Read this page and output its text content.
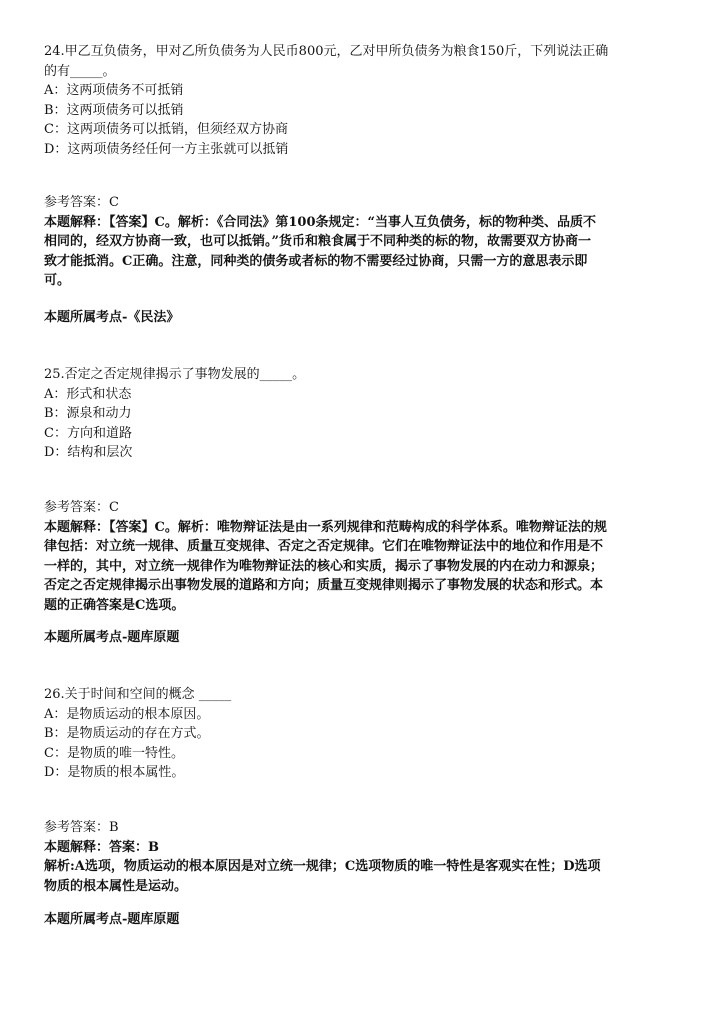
24.甲乙互负债务，甲对乙所负债务为人民币800元，乙对甲所负债务为粮食150斤，下列说法正确
的有_____。
A：这两项债务不可抵销
B：这两项债务可以抵销
C：这两项债务可以抵销，但须经双方协商
D：这两项债务经任何一方主张就可以抵销
参考答案：C
本题解释：【答案】C。解析：《合同法》第100条规定：“当事人互负债务，标的物种类、品质不
相同的，经双方协商一致，也可以抵销。”货币和粮食属于不同种类的标的物，故需要双方协商一
致才能抵消。C正确。注意，同种类的债务或者标的物不需要经过协商，只需一方的意思表示即
可。
本题所属考点-《民法》
25.否定之否定规律揭示了事物发展的_____。
A：形式和状态
B：源泉和动力
C：方向和道路
D：结构和层次
参考答案：C
本题解释：【答案】C。解析：唯物辩证法是由一系列规律和范畴构成的科学体系。唯物辩证法的规
律包括：对立统一规律、质量互变规律、否定之否定规律。它们在唯物辩证法中的地位和作用是不
一样的，其中，对立统一规律作为唯物辩证法的核心和实质，揭示了事物发展的内在动力和源泉；
否定之否定规律揭示出事物发展的道路和方向；质量互变规律则揭示了事物发展的状态和形式。本
题的正确答案是C选项。
本题所属考点-题库原题
26.关于时间和空间的概念 _____
A：是物质运动的根本原因。
B：是物质运动的存在方式。
C：是物质的唯一特性。
D：是物质的根本属性。
参考答案：B
本题解释：答案：B
解析:A选项，物质运动的根本原因是对立统一规律；C选项物质的唯一特性是客观实在性；D选项
物质的根本属性是运动。
本题所属考点-题库原题
